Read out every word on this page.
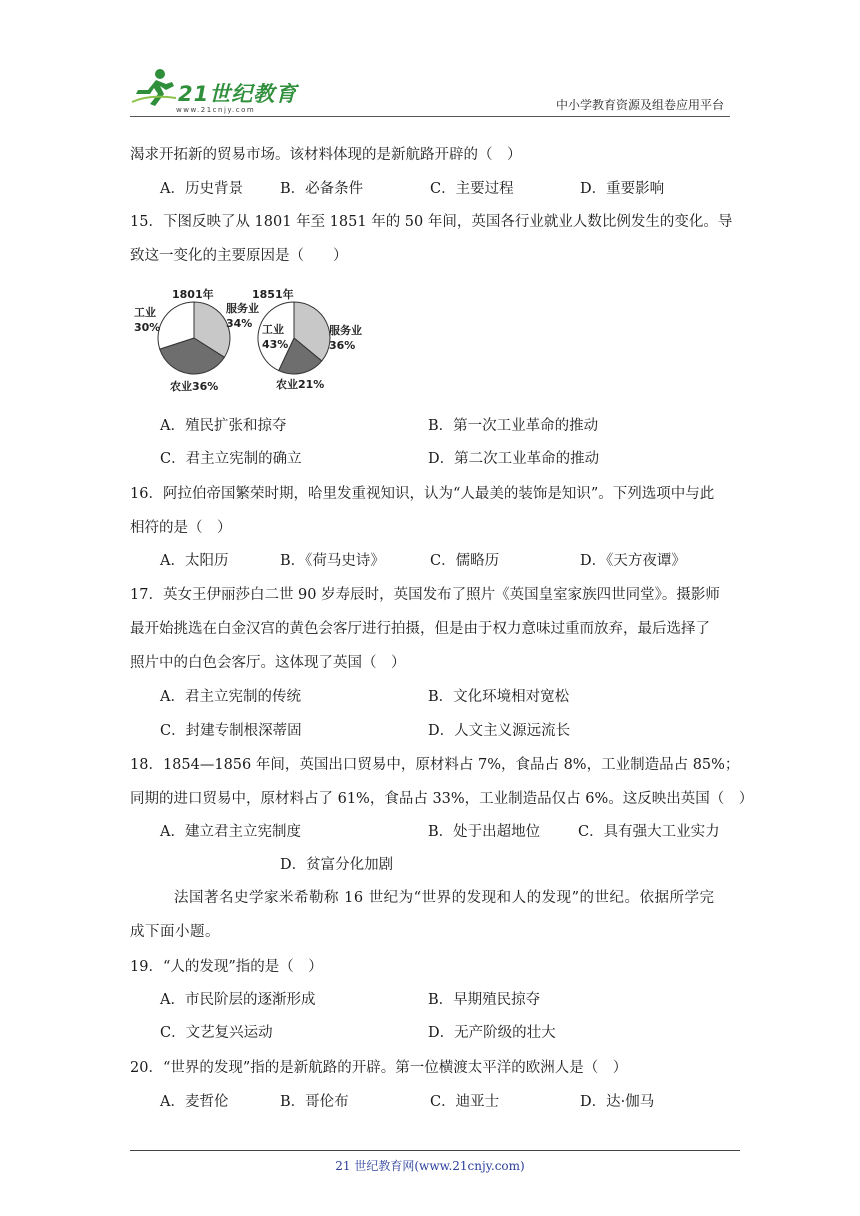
21世纪教育
www.21cnjy.com	中小学教育资源及组卷应用平台
渴求开拓新的贸易市场。该材料体现的是新航路开辟的（　）
A．历史背景	B．必备条件	C．主要过程	D．重要影响
15．下图反映了从 1801 年至 1851 年的 50 年间，英国各行业就业人数比例发生的变化。导
致这一变化的主要原因是（　　）
A．殖民扩张和掠夺	B．第一次工业革命的推动
C．君主立宪制的确立	D．第二次工业革命的推动
16．阿拉伯帝国繁荣时期，哈里发重视知识，认为“人最美的装饰是知识”。下列选项中与此
相符的是（　）
A．太阳历	B．《荷马史诗》	C．儒略历	D．《天方夜谭》
17．英女王伊丽莎白二世 90 岁寿辰时，英国发布了照片《英国皇室家族四世同堂》。摄影师
最开始挑选在白金汉宫的黄色会客厅进行拍摄，但是由于权力意味过重而放弃，最后选择了
照片中的白色会客厅。这体现了英国（　）
A．君主立宪制的传统	B．文化环境相对宽松
C．封建专制根深蒂固	D．人文主义源远流长
18．1854—1856 年间，英国出口贸易中，原材料占 7%，食品占 8%，工业制造品占 85%；
同期的进口贸易中，原材料占了 61%，食品占 33%，工业制造品仅占 6%。这反映出英国（　）
A．建立君主立宪制度	B．处于出超地位	C．具有强大工业实力
D．贫富分化加剧
法国著名史学家米希勒称 16 世纪为“世界的发现和人的发现”的世纪。依据所学完
成下面小题。
19．“人的发现”指的是（　）
A．市民阶层的逐渐形成	B．早期殖民掠夺
C．文艺复兴运动	D．无产阶级的壮大
20．“世界的发现”指的是新航路的开辟。第一位横渡太平洋的欧洲人是（　）
A．麦哲伦	B．哥伦布	C．迪亚士	D．达·伽马
1801年	1851年
工业
30%
服务业
34%
农业36%
工业
43%
服务业
36%
农业21%
21 世纪教育网(www.21cnjy.com)
